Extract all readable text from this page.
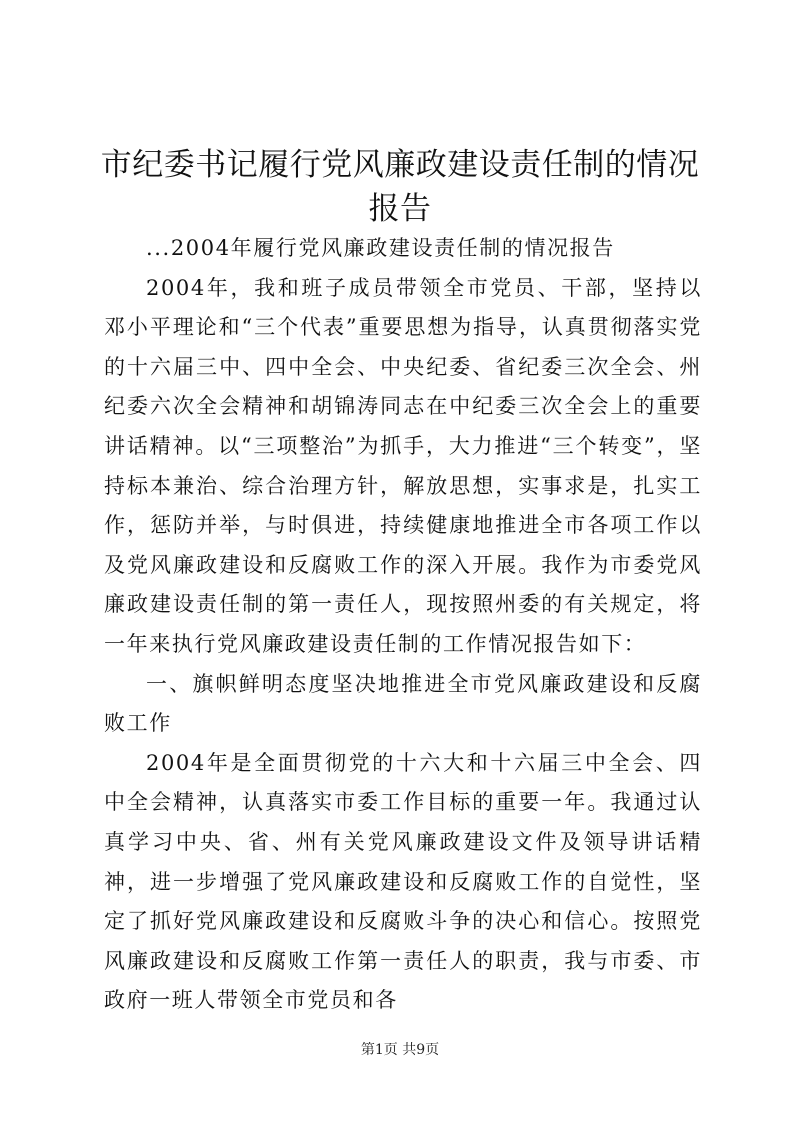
市纪委书记履行党风廉政建设责任制的情况报告

...2004年履行党风廉政建设责任制的情况报告

2004年，我和班子成员带领全市党员、干部，坚持以邓小平理论和“三个代表”重要思想为指导，认真贯彻落实党的十六届三中、四中全会、中央纪委、省纪委三次全会、州纪委六次全会精神和胡锦涛同志在中纪委三次全会上的重要讲话精神。以“三项整治”为抓手，大力推进“三个转变”，坚持标本兼治、综合治理方针，解放思想，实事求是，扎实工作，惩防并举，与时俱进，持续健康地推进全市各项工作以及党风廉政建设和反腐败工作的深入开展。我作为市委党风廉政建设责任制的第一责任人，现按照州委的有关规定，将一年来执行党风廉政建设责任制的工作情况报告如下：

一、旗帜鲜明态度坚决地推进全市党风廉政建设和反腐败工作

2004年是全面贯彻党的十六大和十六届三中全会、四中全会精神，认真落实市委工作目标的重要一年。我通过认真学习中央、省、州有关党风廉政建设文件及领导讲话精神，进一步增强了党风廉政建设和反腐败工作的自觉性，坚定了抓好党风廉政建设和反腐败斗争的决心和信心。按照党风廉政建设和反腐败工作第一责任人的职责，我与市委、市政府一班人带领全市党员和各

第1页 共9页
